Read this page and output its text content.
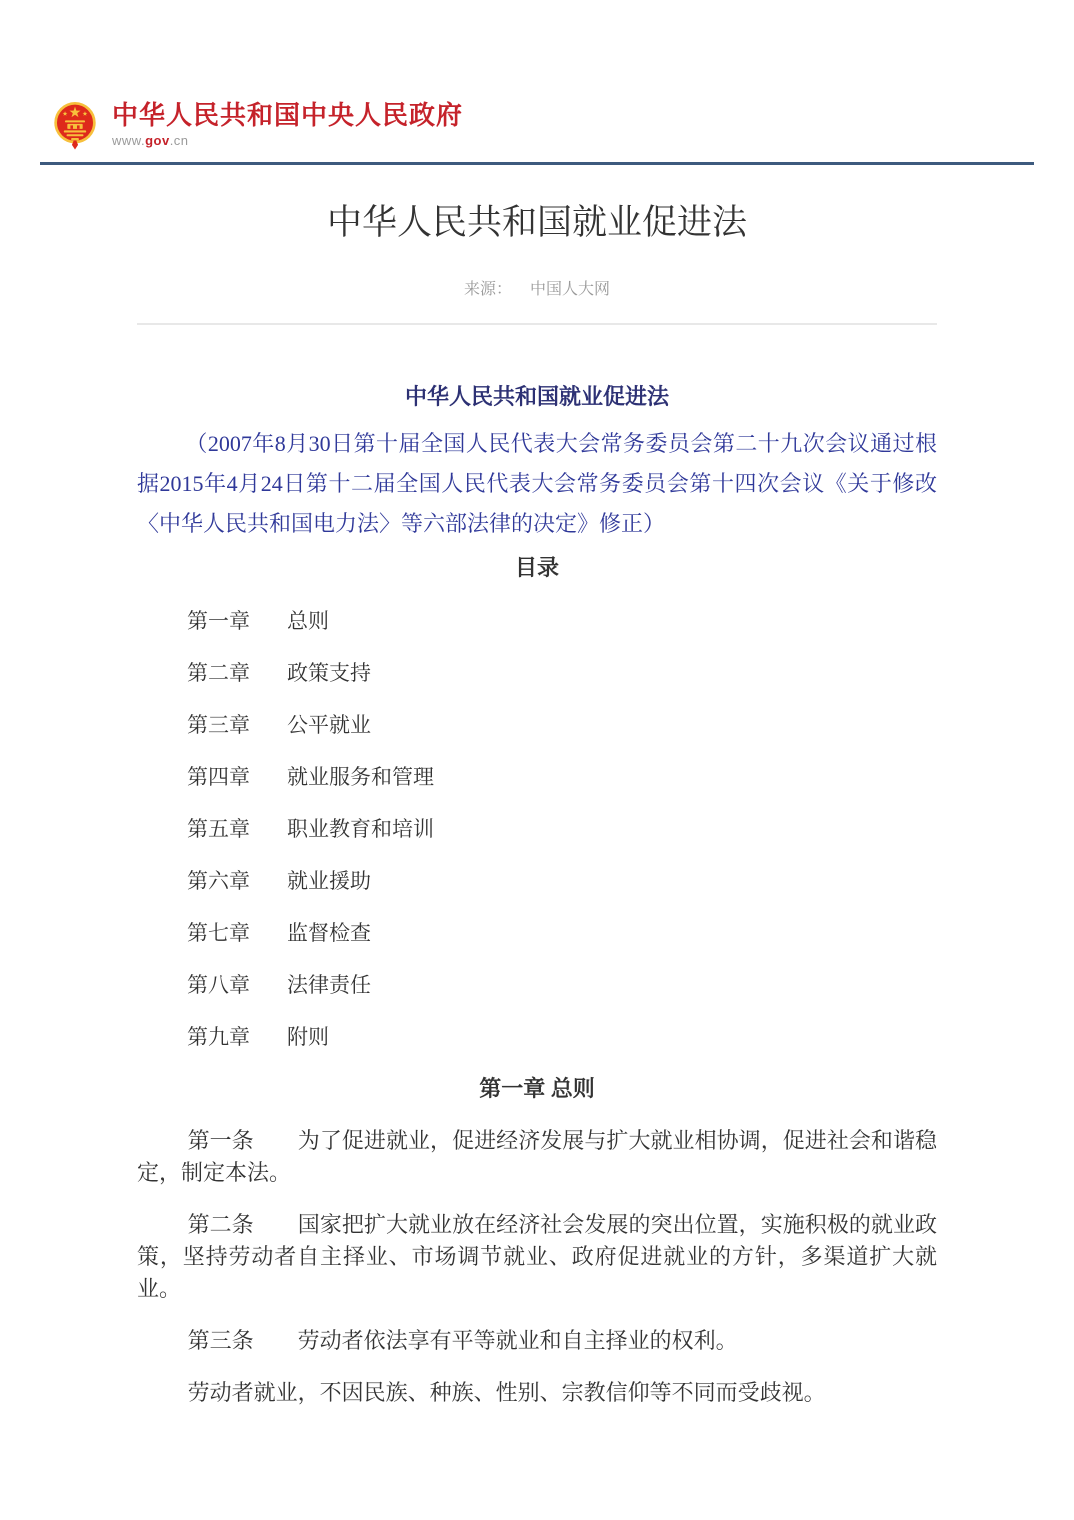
中华人民共和国中央人民政府
www.gov.cn
中华人民共和国就业促进法
来源： 中国人大网
中华人民共和国就业促进法

（2007年8月30日第十届全国人民代表大会常务委员会第二十九次会议通过根据2015年4月24日第十二届全国人民代表大会常务委员会第十四次会议《关于修改〈中华人民共和国电力法〉等六部法律的决定》修正）

目录
第一章 总则
第二章 政策支持
第三章 公平就业
第四章 就业服务和管理
第五章 职业教育和培训
第六章 就业援助
第七章 监督检查
第八章 法律责任
第九章 附则
第一章 总则

第一条　　为了促进就业，促进经济发展与扩大就业相协调，促进社会和谐稳定，制定本法。

第二条　　国家把扩大就业放在经济社会发展的突出位置，实施积极的就业政策，坚持劳动者自主择业、市场调节就业、政府促进就业的方针，多渠道扩大就业。

第三条　　劳动者依法享有平等就业和自主择业的权利。

劳动者就业，不因民族、种族、性别、宗教信仰等不同而受歧视。
